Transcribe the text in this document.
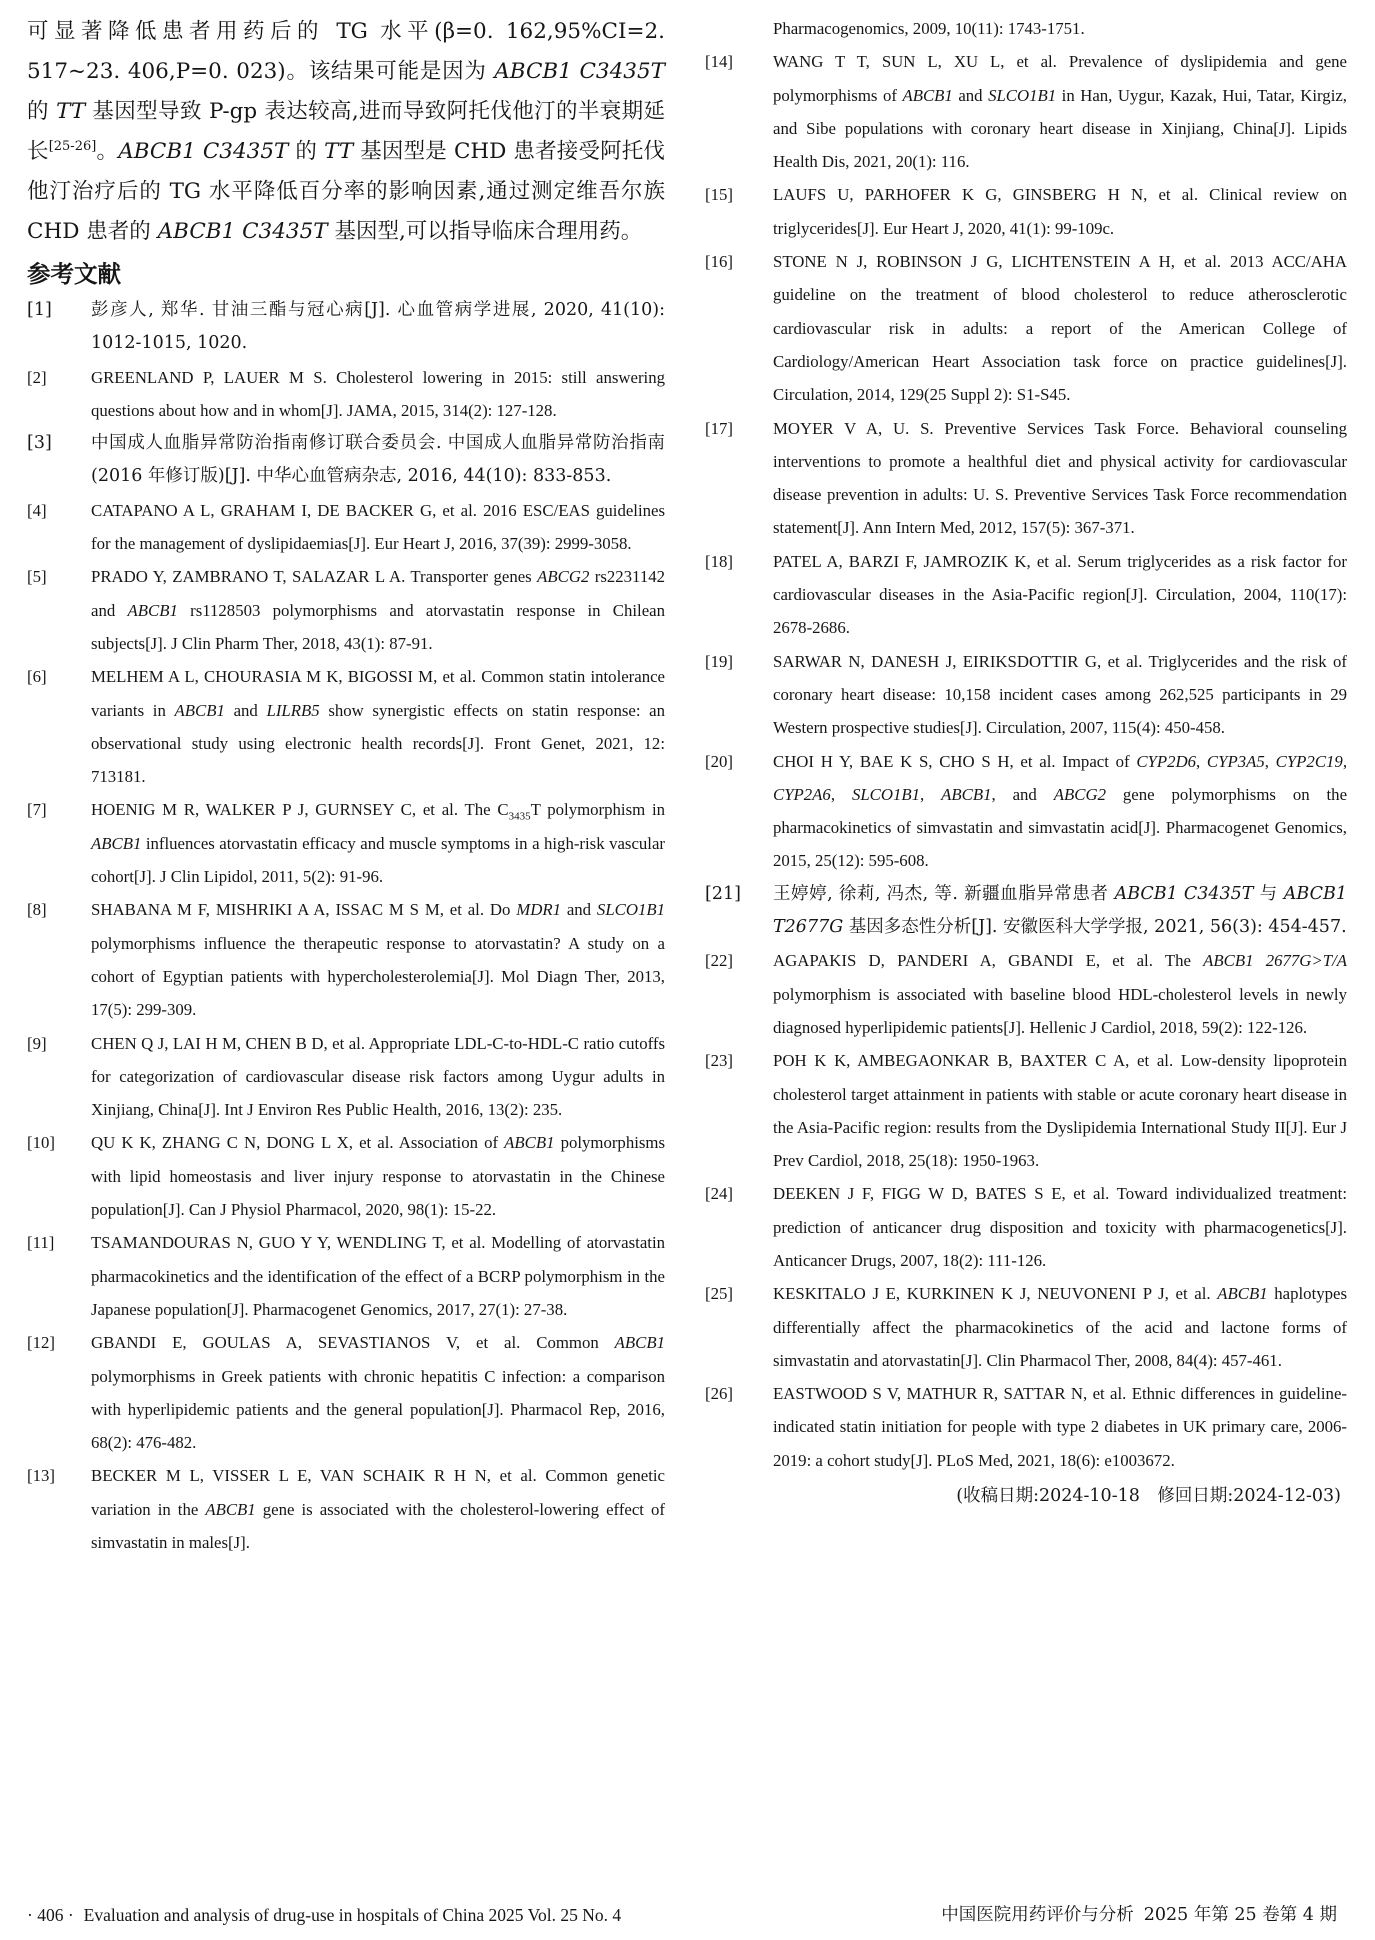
可显著降低患者用药后的 TG 水平(β=0. 162,95%CI=2. 517~23. 406,P=0. 023)。该结果可能是因为 ABCB1 C3435T 的 TT 基因型导致 P-gp 表达较高,进而导致阿托伐他汀的半衰期延长[25-26]。ABCB1 C3435T 的 TT 基因型是 CHD 患者接受阿托伐他汀治疗后的 TG 水平降低百分率的影响因素,通过测定维吾尔族 CHD 患者的 ABCB1 C3435T 基因型,可以指导临床合理用药。

参考文献
[1] 彭彦人, 郑华. 甘油三酯与冠心病[J]. 心血管病学进展, 2020, 41(10): 1012-1015, 1020.
[2]	GREENLAND P, LAUER M S. Cholesterol lowering in 2015: still answering questions about how and in whom[J]. JAMA, 2015, 314(2): 127-128.
[3] 中国成人血脂异常防治指南修订联合委员会. 中国成人血脂异常防治指南(2016 年修订版)[J]. 中华心血管病杂志, 2016, 44(10): 833-853.
[4]	CATAPANO A L, GRAHAM I, DE BACKER G, et al. 2016 ESC/EAS guidelines for the management of dyslipidaemias[J]. Eur Heart J, 2016, 37(39): 2999-3058.
[5]	PRADO Y, ZAMBRANO T, SALAZAR L A. Transporter genes ABCG2 rs2231142 and ABCB1 rs1128503 polymorphisms and atorvastatin response in Chilean subjects[J]. J Clin Pharm Ther, 2018, 43(1): 87-91.
[6]	MELHEM A L, CHOURASIA M K, BIGOSSI M, et al. Common statin intolerance variants in ABCB1 and LILRB5 show synergistic effects on statin response: an observational study using electronic health records[J]. Front Genet, 2021, 12: 713181.
[7]	HOENIG M R, WALKER P J, GURNSEY C, et al. The $C_{3435}T$ polymorphism in ABCB1 influences atorvastatin efficacy and muscle symptoms in a high-risk vascular cohort[J]. J Clin Lipidol, 2011, 5(2): 91-96.
[8]	SHABANA M F, MISHRIKI A A, ISSAC M S M, et al. Do MDR1 and SLCO1B1 polymorphisms influence the therapeutic response to atorvastatin? A study on a cohort of Egyptian patients with hypercholesterolemia[J]. Mol Diagn Ther, 2013, 17(5): 299-309.
[9]	CHEN Q J, LAI H M, CHEN B D, et al. Appropriate LDL-C-to-HDL-C ratio cutoffs for categorization of cardiovascular disease risk factors among Uygur adults in Xinjiang, China[J]. Int J Environ Res Public Health, 2016, 13(2): 235.
[10] QU K K, ZHANG C N, DONG L X, et al. Association of ABCB1 polymorphisms with lipid homeostasis and liver injury response to atorvastatin in the Chinese population[J]. Can J Physiol Pharmacol, 2020, 98(1): 15-22.
[11] TSAMANDOURAS N, GUO Y Y, WENDLING T, et al. Modelling of atorvastatin pharmacokinetics and the identification of the effect of a BCRP polymorphism in the Japanese population[J]. Pharmacogenet Genomics, 2017, 27(1): 27-38.
[12] GBANDI E, GOULAS A, SEVASTIANOS V, et al. Common ABCB1 polymorphisms in Greek patients with chronic hepatitis C infection: a comparison with hyperlipidemic patients and the general population[J]. Pharmacol Rep, 2016, 68(2): 476-482.
[13] BECKER M L, VISSER L E, VAN SCHAIK R H N, et al. Common genetic variation in the ABCB1 gene is associated with the cholesterol-lowering effect of simvastatin in males[J].
Pharmacogenomics, 2009, 10(11): 1743-1751.
[14] WANG T T, SUN L, XU L, et al. Prevalence of dyslipidemia and gene polymorphisms of ABCB1 and SLCO1B1 in Han, Uygur, Kazak, Hui, Tatar, Kirgiz, and Sibe populations with coronary heart disease in Xinjiang, China[J]. Lipids Health Dis, 2021, 20(1): 116.
[15] LAUFS U, PARHOFER K G, GINSBERG H N, et al. Clinical review on triglycerides[J]. Eur Heart J, 2020, 41(1): 99-109c.
[16] STONE N J, ROBINSON J G, LICHTENSTEIN A H, et al. 2013 ACC/AHA guideline on the treatment of blood cholesterol to reduce atherosclerotic cardiovascular risk in adults: a report of the American College of Cardiology/American Heart Association task force on practice guidelines[J]. Circulation, 2014, 129(25 Suppl 2): S1-S45.
[17] MOYER V A, U. S. Preventive Services Task Force. Behavioral counseling interventions to promote a healthful diet and physical activity for cardiovascular disease prevention in adults: U. S. Preventive Services Task Force recommendation statement[J]. Ann Intern Med, 2012, 157(5): 367-371.
[18] PATEL A, BARZI F, JAMROZIK K, et al. Serum triglycerides as a risk factor for cardiovascular diseases in the Asia-Pacific region[J]. Circulation, 2004, 110(17): 2678-2686.
[19] SARWAR N, DANESH J, EIRIKSDOTTIR G, et al. Triglycerides and the risk of coronary heart disease: 10,158 incident cases among 262,525 participants in 29 Western prospective studies[J]. Circulation, 2007, 115(4): 450-458.
[20] CHOI H Y, BAE K S, CHO S H, et al. Impact of CYP2D6, CYP3A5, CYP2C19, CYP2A6, SLCO1B1, ABCB1, and ABCG2 gene polymorphisms on the pharmacokinetics of simvastatin and simvastatin acid[J]. Pharmacogenet Genomics, 2015, 25(12): 595-608.
[21] 王婷婷, 徐莉, 冯杰, 等. 新疆血脂异常患者 ABCB1 C3435T 与 ABCB1 T2677G 基因多态性分析[J]. 安徽医科大学学报, 2021, 56(3): 454-457.
[22] AGAPAKIS D, PANDERI A, GBANDI E, et al. The ABCB1 2677G>T/A polymorphism is associated with baseline blood HDL-cholesterol levels in newly diagnosed hyperlipidemic patients[J]. Hellenic J Cardiol, 2018, 59(2): 122-126.
[23] POH K K, AMBEGAONKAR B, BAXTER C A, et al. Low-density lipoprotein cholesterol target attainment in patients with stable or acute coronary heart disease in the Asia-Pacific region: results from the Dyslipidemia International Study II[J]. Eur J Prev Cardiol, 2018, 25(18): 1950-1963.
[24] DEEKEN J F, FIGG W D, BATES S E, et al. Toward individualized treatment: prediction of anticancer drug disposition and toxicity with pharmacogenetics[J]. Anticancer Drugs, 2007, 18(2): 111-126.
[25] KESKITALO J E, KURKINEN K J, NEUVONENI P J, et al. ABCB1 haplotypes differentially affect the pharmacokinetics of the acid and lactone forms of simvastatin and atorvastatin[J]. Clin Pharmacol Ther, 2008, 84(4): 457-461.
[26] EASTWOOD S V, MATHUR R, SATTAR N, et al. Ethnic differences in guideline-indicated statin initiation for people with type 2 diabetes in UK primary care, 2006-2019: a cohort study[J]. PLoS Med, 2021, 18(6): e1003672.
(收稿日期:2024-10-18　修回日期:2024-12-03)
· 406 · Evaluation and analysis of drug-use in hospitals of China 2025 Vol. 25 No. 4	中国医院用药评价与分析 2025 年第 25 卷第 4 期
